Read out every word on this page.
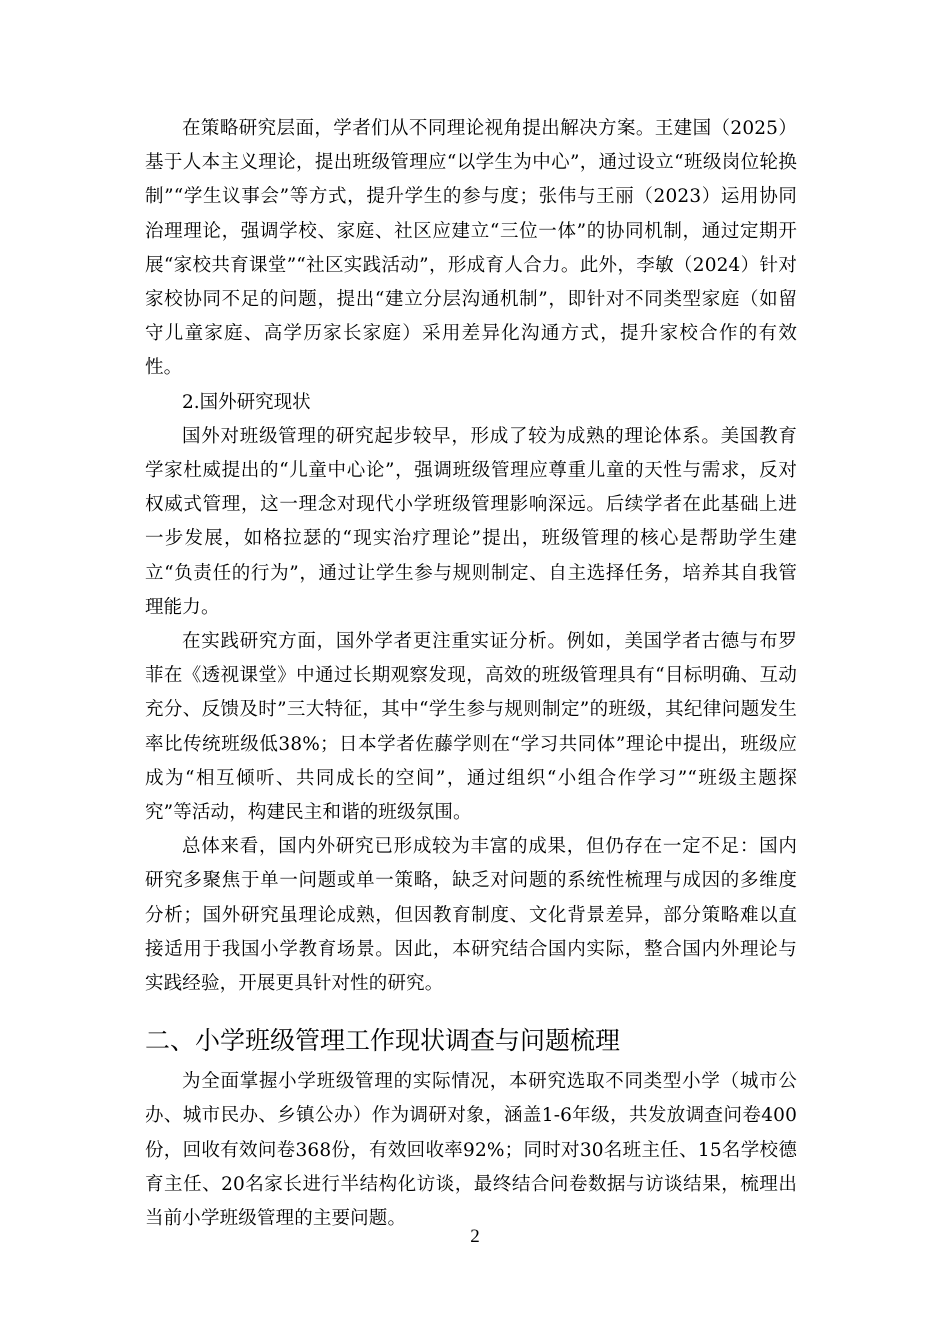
在策略研究层面，学者们从不同理论视角提出解决方案。王建国（2025）基于人本主义理论，提出班级管理应“以学生为中心”，通过设立“班级岗位轮换制”“学生议事会”等方式，提升学生的参与度；张伟与王丽（2023）运用协同治理理论，强调学校、家庭、社区应建立“三位一体”的协同机制，通过定期开展“家校共育课堂”“社区实践活动”，形成育人合力。此外，李敏（2024）针对家校协同不足的问题，提出“建立分层沟通机制”，即针对不同类型家庭（如留守儿童家庭、高学历家长家庭）采用差异化沟通方式，提升家校合作的有效性。

2.国外研究现状

国外对班级管理的研究起步较早，形成了较为成熟的理论体系。美国教育学家杜威提出的“儿童中心论”，强调班级管理应尊重儿童的天性与需求，反对权威式管理，这一理念对现代小学班级管理影响深远。后续学者在此基础上进一步发展，如格拉瑟的“现实治疗理论”提出，班级管理的核心是帮助学生建立“负责任的行为”，通过让学生参与规则制定、自主选择任务，培养其自我管理能力。

在实践研究方面，国外学者更注重实证分析。例如，美国学者古德与布罗菲在《透视课堂》中通过长期观察发现，高效的班级管理具有“目标明确、互动充分、反馈及时”三大特征，其中“学生参与规则制定”的班级，其纪律问题发生率比传统班级低38%；日本学者佐藤学则在“学习共同体”理论中提出，班级应成为“相互倾听、共同成长的空间”，通过组织“小组合作学习”“班级主题探究”等活动，构建民主和谐的班级氛围。

总体来看，国内外研究已形成较为丰富的成果，但仍存在一定不足：国内研究多聚焦于单一问题或单一策略，缺乏对问题的系统性梳理与成因的多维度分析；国外研究虽理论成熟，但因教育制度、文化背景差异，部分策略难以直接适用于我国小学教育场景。因此，本研究结合国内实际，整合国内外理论与实践经验，开展更具针对性的研究。

二、小学班级管理工作现状调查与问题梳理

为全面掌握小学班级管理的实际情况，本研究选取不同类型小学（城市公办、城市民办、乡镇公办）作为调研对象，涵盖1-6年级，共发放调查问卷400份，回收有效问卷368份，有效回收率92%；同时对30名班主任、15名学校德育主任、20名家长进行半结构化访谈，最终结合问卷数据与访谈结果，梳理出当前小学班级管理的主要问题。

2
